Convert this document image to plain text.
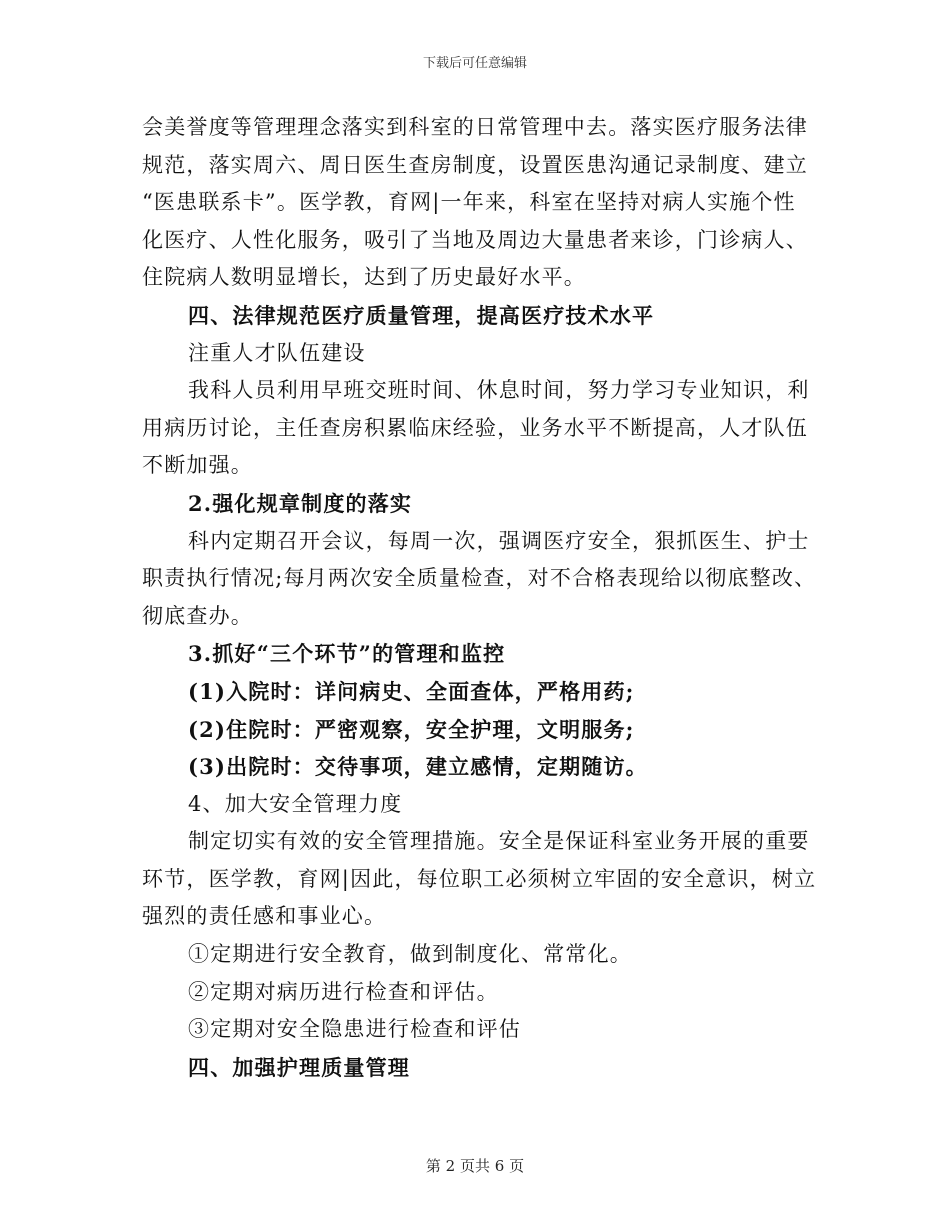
下载后可任意编辑
会美誉度等管理理念落实到科室的日常管理中去。落实医疗服务法律
规范，落实周六、周日医生查房制度，设置医患沟通记录制度、建立
“医患联系卡”。医学教，育网|一年来，科室在坚持对病人实施个性
化医疗、人性化服务，吸引了当地及周边大量患者来诊，门诊病人、
住院病人数明显增长，达到了历史最好水平。
四、法律规范医疗质量管理，提高医疗技术水平
注重人才队伍建设
我科人员利用早班交班时间、休息时间，努力学习专业知识，利
用病历讨论，主任查房积累临床经验，业务水平不断提高，人才队伍
不断加强。
2.强化规章制度的落实
科内定期召开会议，每周一次，强调医疗安全，狠抓医生、护士
职责执行情况;每月两次安全质量检查，对不合格表现给以彻底整改、
彻底查办。
3.抓好“三个环节”的管理和监控
(1)入院时：详问病史、全面查体，严格用药;
(2)住院时：严密观察，安全护理，文明服务;
(3)出院时：交待事项，建立感情，定期随访。
4、加大安全管理力度
制定切实有效的安全管理措施。安全是保证科室业务开展的重要
环节，医学教，育网|因此，每位职工必须树立牢固的安全意识，树立
强烈的责任感和事业心。
①定期进行安全教育，做到制度化、常常化。
②定期对病历进行检查和评估。
③定期对安全隐患进行检查和评估
四、加强护理质量管理
第 2 页共 6 页
